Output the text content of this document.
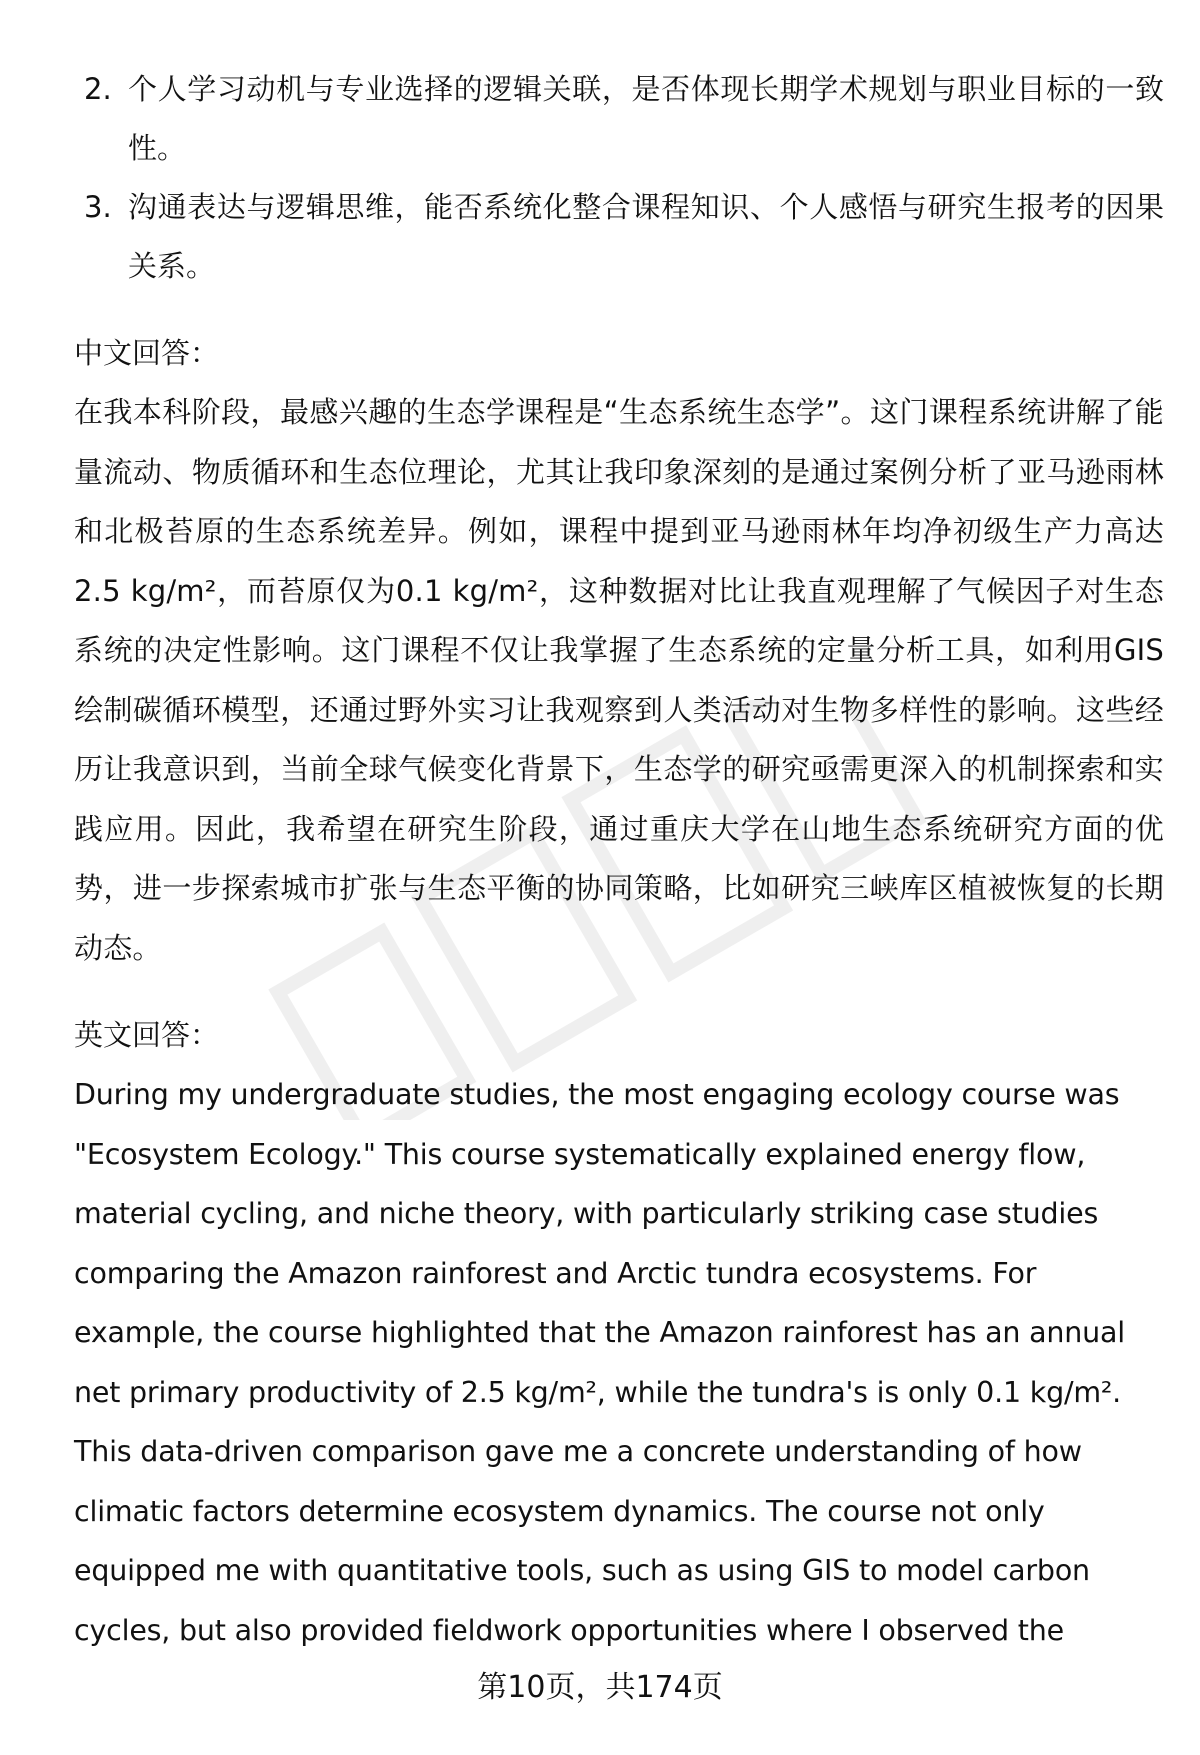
2. 个人学习动机与专业选择的逻辑关联，是否体现长期学术规划与职业目标的一致性。
3. 沟通表达与逻辑思维，能否系统化整合课程知识、个人感悟与研究生报考的因果关系。
中文回答：
在我本科阶段，最感兴趣的生态学课程是“生态系统生态学”。这门课程系统讲解了能量流动、物质循环和生态位理论，尤其让我印象深刻的是通过案例分析了亚马逊雨林和北极苔原的生态系统差异。例如，课程中提到亚马逊雨林年均净初级生产力高达2.5 kg/m²，而苔原仅为0.1 kg/m²，这种数据对比让我直观理解了气候因子对生态系统的决定性影响。这门课程不仅让我掌握了生态系统的定量分析工具，如利用GIS绘制碳循环模型，还通过野外实习让我观察到人类活动对生物多样性的影响。这些经历让我意识到，当前全球气候变化背景下，生态学的研究亟需更深入的机制探索和实践应用。因此，我希望在研究生阶段，通过重庆大学在山地生态系统研究方面的优势，进一步探索城市扩张与生态平衡的协同策略，比如研究三峡库区植被恢复的长期动态。
英文回答：
During my undergraduate studies, the most engaging ecology course was "Ecosystem Ecology." This course systematically explained energy flow, material cycling, and niche theory, with particularly striking case studies comparing the Amazon rainforest and Arctic tundra ecosystems. For example, the course highlighted that the Amazon rainforest has an annual net primary productivity of 2.5 kg/m², while the tundra's is only 0.1 kg/m². This data-driven comparison gave me a concrete understanding of how climatic factors determine ecosystem dynamics. The course not only equipped me with quantitative tools, such as using GIS to model carbon cycles, but also provided fieldwork opportunities where I observed the
第10页，共174页
